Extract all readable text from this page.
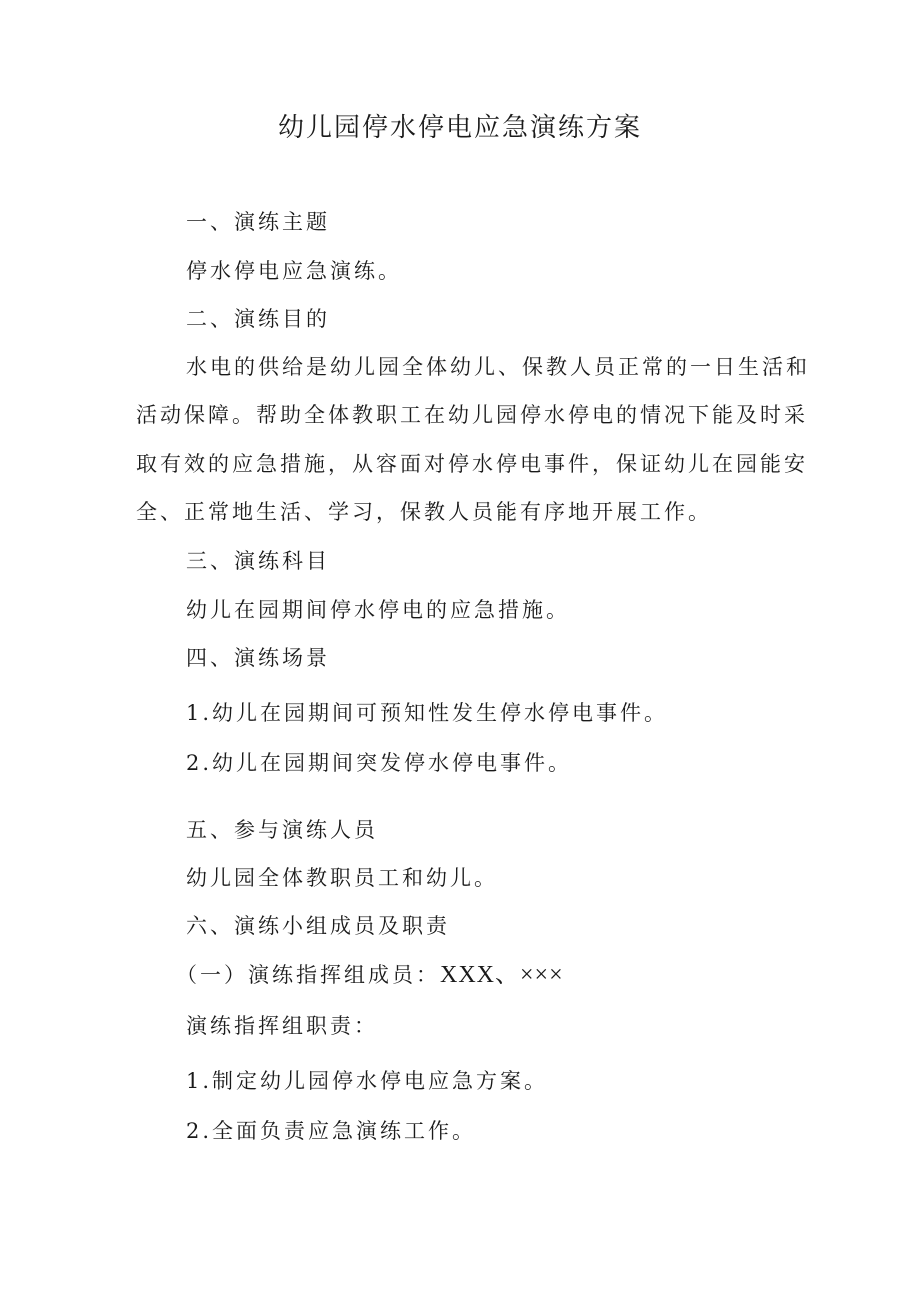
幼儿园停水停电应急演练方案

一、演练主题

停水停电应急演练。

二、演练目的

水电的供给是幼儿园全体幼儿、保教人员正常的一日生活和

活动保障。帮助全体教职工在幼儿园停水停电的情况下能及时采

取有效的应急措施，从容面对停水停电事件，保证幼儿在园能安

全、正常地生活、学习，保教人员能有序地开展工作。

三、演练科目

幼儿在园期间停水停电的应急措施。

四、演练场景

1.幼儿在园期间可预知性发生停水停电事件。

2.幼儿在园期间突发停水停电事件。

五、参与演练人员

幼儿园全体教职员工和幼儿。

六、演练小组成员及职责

（一）演练指挥组成员：XXX、×××

演练指挥组职责：

1.制定幼儿园停水停电应急方案。

2.全面负责应急演练工作。
